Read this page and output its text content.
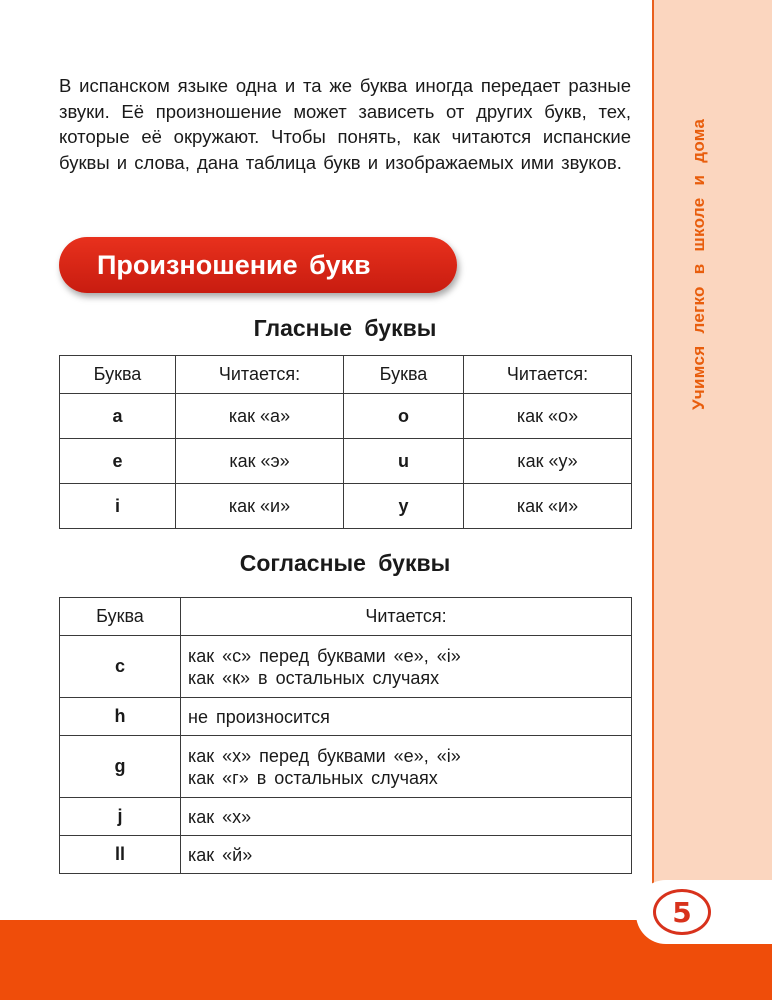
Учимся легко в школе и дома
5

В испанском языке одна и та же буква иногда передает разные звуки. Её произношение может зависеть от других букв, тех, которые её окружают. Чтобы понять, как читаются испанские буквы и слова, дана таблица букв и изображаемых ими звуков.

Произношение букв
Гласные буквы
Буква	Читается:	Буква	Читается:
a	как «а»	o	как «о»
e	как «э»	u	как «у»
i	как «и»	y	как «и»
Согласные буквы
Буква	Читается:
c	как «с» перед буквами «e», «i»
как «к» в остальных случаях

h	не произносится

g	как «х» перед буквами «e», «i»
как «г» в остальных случаях

j	как «х»

ll	как «й»
